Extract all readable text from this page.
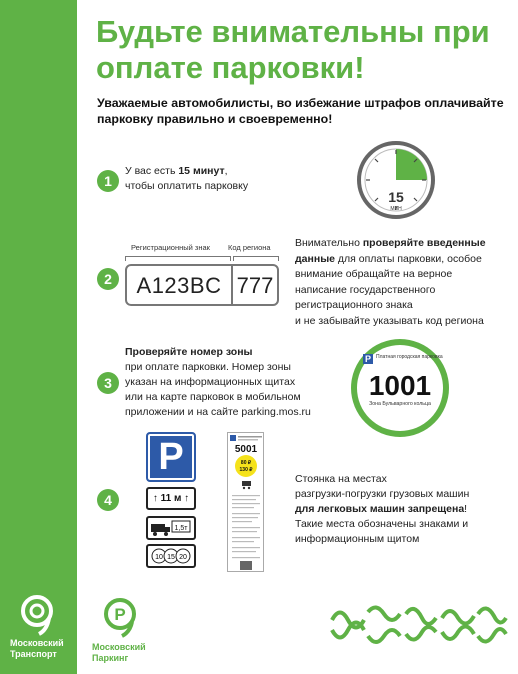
Будьте внимательны при оплате парковки!
Уважаемые автомобилисты, во избежание штрафов оплачивайте парковку правильно и своевременно!
1
У вас есть 15 минут,
чтобы оплатить парковку
15
МИН
2
Регистрационный знак Код региона
A123BC 777
Внимательно проверяйте введенные данные для оплаты парковки, особое
внимание обращайте на верное
написание государственного
регистрационного знака
и не забывайте указывать код региона
3
Проверяйте номер зоны
при оплате парковки. Номер зоны
указан на информационных щитах
или на карте парковок в мобильном
приложении и на сайте parking.mos.ru
P Платная городская парковка
1001
Зона Бульварного кольца
4
P
↑ 11 м ↑
1,5т
10 15 20
5001
80 ₽
130 ₽
Стоянка на местах
разгрузки-погрузки грузовых машин
для легковых машин запрещена!
Такие места обозначены знаками и
информационным щитом
Московский Транспорт
P
Московский Паркинг
